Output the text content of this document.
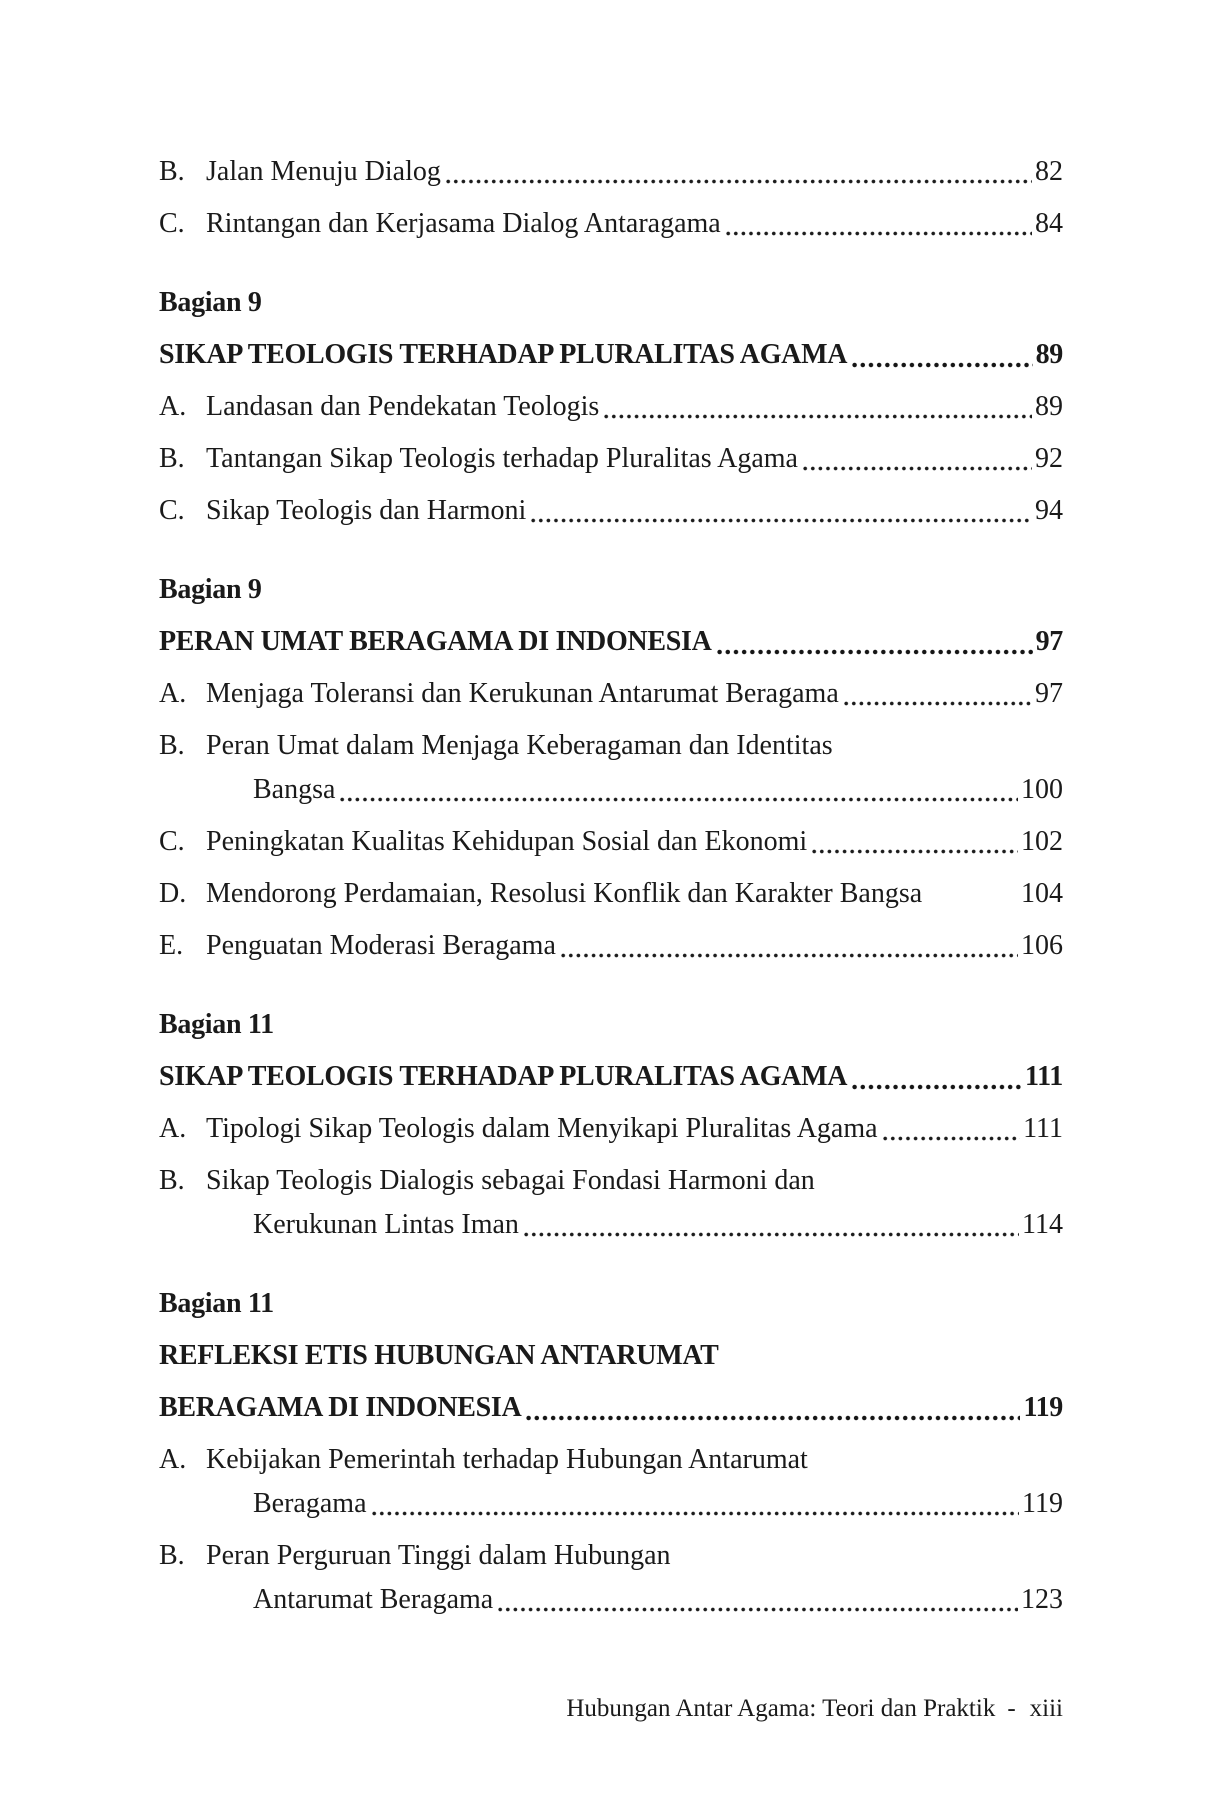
B. Jalan Menuju Dialog	82
C. Rintangan dan Kerjasama Dialog Antaragama	84
Bagian 9
SIKAP TEOLOGIS TERHADAP PLURALITAS AGAMA	89
A. Landasan dan Pendekatan Teologis	89
B. Tantangan Sikap Teologis terhadap Pluralitas Agama	92
C. Sikap Teologis dan Harmoni	94
Bagian 9
PERAN UMAT BERAGAMA DI INDONESIA	97
A. Menjaga Toleransi dan Kerukunan Antarumat Beragama	97
B. Peran Umat dalam Menjaga Keberagaman dan Identitas
Bangsa	100
C. Peningkatan Kualitas Kehidupan Sosial dan Ekonomi	102
D. Mendorong Perdamaian, Resolusi Konflik dan Karakter Bangsa	104
E. Penguatan Moderasi Beragama	106
Bagian 11
SIKAP TEOLOGIS TERHADAP PLURALITAS AGAMA	111
A. Tipologi Sikap Teologis dalam Menyikapi Pluralitas Agama	111
B. Sikap Teologis Dialogis sebagai Fondasi Harmoni dan
Kerukunan Lintas Iman	114
Bagian 11
REFLEKSI ETIS HUBUNGAN ANTARUMAT
BERAGAMA DI INDONESIA	119
A. Kebijakan Pemerintah terhadap Hubungan Antarumat
Beragama	119
B. Peran Perguruan Tinggi dalam Hubungan
Antarumat Beragama	123
Hubungan Antar Agama: Teori dan Praktik - xiii
